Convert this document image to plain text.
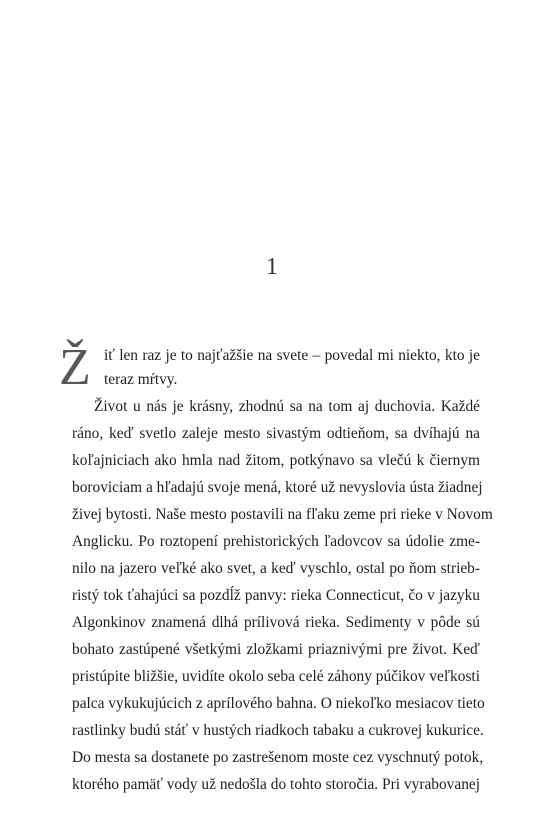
1
Ž iť len raz je to najťažšie na svete – povedal mi niekto, kto je
teraz mŕtvy.
Život u nás je krásny, zhodnú sa na tom aj duchovia. Každé
ráno, keď svetlo zaleje mesto sivastým odtieňom, sa dvíhajú na
koľajniciach ako hmla nad žitom, potkýnavo sa vlečú k čiernym
boroviciam a hľadajú svoje mená, ktoré už nevyslovia ústa žiadnej
živej bytosti. Naše mesto postavili na fľaku zeme pri rieke v Novom
Anglicku. Po roztopení prehistorických ľadovcov sa údolie zme-
nilo na jazero veľké ako svet, a keď vyschlo, ostal po ňom strieb-
ristý tok ťahajúci sa pozdĺž panvy: rieka Connecticut, čo v jazyku
Algonkinov znamená dlhá prílivová rieka. Sedimenty v pôde sú
bohato zastúpené všetkými zložkami priaznivými pre život. Keď
pristúpite bližšie, uvidíte okolo seba celé záhony púčikov veľkosti
palca vykukujúcich z aprílového bahna. O niekoľko mesiacov tieto
rastlinky budú stáť v hustých riadkoch tabaku a cukrovej kukurice.
Do mesta sa dostanete po zastrešenom moste cez vyschnutý potok,
ktorého pamäť vody už nedošla do tohto storočia. Pri vyrabovanej
